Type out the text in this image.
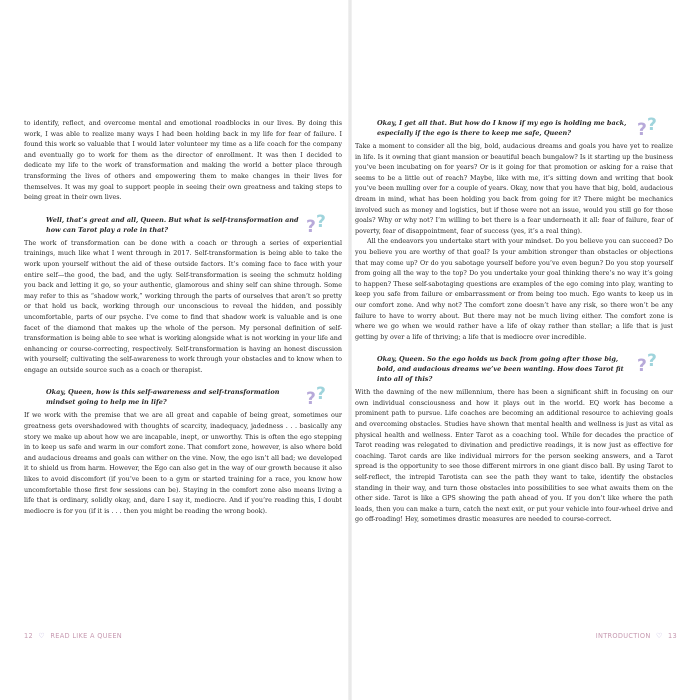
to identify, reflect, and overcome mental and emotional roadblocks in our lives. By doing this work, I was able to realize many ways I had been holding back in my life for fear of failure. I found this work so valuable that I would later volunteer my time as a life coach for the company and eventually go to work for them as the director of enrollment. It was then I decided to dedicate my life to the work of transformation and making the world a better place through transforming the lives of others and empowering them to make changes in their lives for themselves. It was my goal to support people in seeing their own greatness and taking steps to being great in their own lives.

Well, that’s great and all, Queen. But what is self-transformation and how can Tarot play a role in that?	? ?

The work of transformation can be done with a coach or through a series of experiential trainings, much like what I went through in 2017. Self-transformation is being able to take the work upon yourself without the aid of these outside factors. It’s coming face to face with your entire self—the good, the bad, and the ugly. Self-transformation is seeing the schmutz holding you back and letting it go, so your authentic, glamorous and shiny self can shine through. Some may refer to this as “shadow work,” working through the parts of ourselves that aren’t so pretty or that hold us back, working through our unconscious to reveal the hidden, and possibly uncomfortable, parts of our psyche. I’ve come to find that shadow work is valuable and is one facet of the diamond that makes up the whole of the person. My personal definition of self-transformation is being able to see what is working alongside what is not working in your life and enhancing or course-correcting, respectively. Self-transformation is having an honest discussion with yourself; cultivating the self-awareness to work through your obstacles and to know when to engage an outside source such as a coach or therapist.

Okay, Queen, how is this self-awareness and self-transformation mindset going to help me in life?	? ?

If we work with the premise that we are all great and capable of being great, sometimes our greatness gets overshadowed with thoughts of scarcity, inadequacy, jadedness . . . basically any story we make up about how we are incapable, inept, or unworthy. This is often the ego stepping in to keep us safe and warm in our comfort zone. That comfort zone, however, is also where bold and audacious dreams and goals can wither on the vine. Now, the ego isn’t all bad; we developed it to shield us from harm. However, the Ego can also get in the way of our growth because it also likes to avoid discomfort (if you’ve been to a gym or started training for a race, you know how uncomfortable those first few sessions can be). Staying in the comfort zone also means living a life that is ordinary, solidly okay, and, dare I say it, mediocre. And if you’re reading this, I doubt mediocre is for you (if it is . . . then you might be reading the wrong book).

Okay, I get all that. But how do I know if my ego is holding me back, especially if the ego is there to keep me safe, Queen?	? ?

Take a moment to consider all the big, bold, audacious dreams and goals you have yet to realize in life. Is it owning that giant mansion or beautiful beach bungalow? Is it starting up the business you’ve been incubating on for years? Or is it going for that promotion or asking for a raise that seems to be a little out of reach? Maybe, like with me, it’s sitting down and writing that book you’ve been mulling over for a couple of years. Okay, now that you have that big, bold, audacious dream in mind, what has been holding you back from going for it? There might be mechanics involved such as money and logistics, but if those were not an issue, would you still go for those goals? Why or why not? I’m willing to bet there is a fear underneath it all: fear of failure, fear of poverty, fear of disappointment, fear of success (yes, it’s a real thing).

All the endeavors you undertake start with your mindset. Do you believe you can succeed? Do you believe you are worthy of that goal? Is your ambition stronger than obstacles or objections that may come up? Or do you sabotage yourself before you’ve even begun? Do you stop yourself from going all the way to the top? Do you undertake your goal thinking there’s no way it’s going to happen? These self-sabotaging questions are examples of the ego coming into play, wanting to keep you safe from failure or embarrassment or from being too much. Ego wants to keep us in our comfort zone. And why not? The comfort zone doesn’t have any risk, so there won’t be any failure to have to worry about. But there may not be much living either. The comfort zone is where we go when we would rather have a life of okay rather than stellar; a life that is just getting by over a life of thriving; a life that is mediocre over incredible.

Okay, Queen. So the ego holds us back from going after those big, bold, and audacious dreams we’ve been wanting. How does Tarot fit into all of this?

? ?

With the dawning of the new millennium, there has been a significant shift in focusing on our own individual consciousness and how it plays out in the world. EQ work has become a prominent path to pursue. Life coaches are becoming an additional resource to achieving goals and overcoming obstacles. Studies have shown that mental health and wellness is just as vital as physical health and wellness. Enter Tarot as a coaching tool. While for decades the practice of Tarot reading was relegated to divination and predictive readings, it is now just as effective for coaching. Tarot cards are like individual mirrors for the person seeking answers, and a Tarot spread is the opportunity to see those different mirrors in one giant disco ball. By using Tarot to self-reflect, the intrepid Tarotista can see the path they want to take, identify the obstacles standing in their way, and turn those obstacles into possibilities to see what awaits them on the other side. Tarot is like a GPS showing the path ahead of you. If you don’t like where the path leads, then you can make a turn, catch the next exit, or put your vehicle into four-wheel drive and go off-roading! Hey, sometimes drastic measures are needed to course-correct.

12 ♡ READ LIKE A QUEEN	INTRODUCTION ♡ 13
